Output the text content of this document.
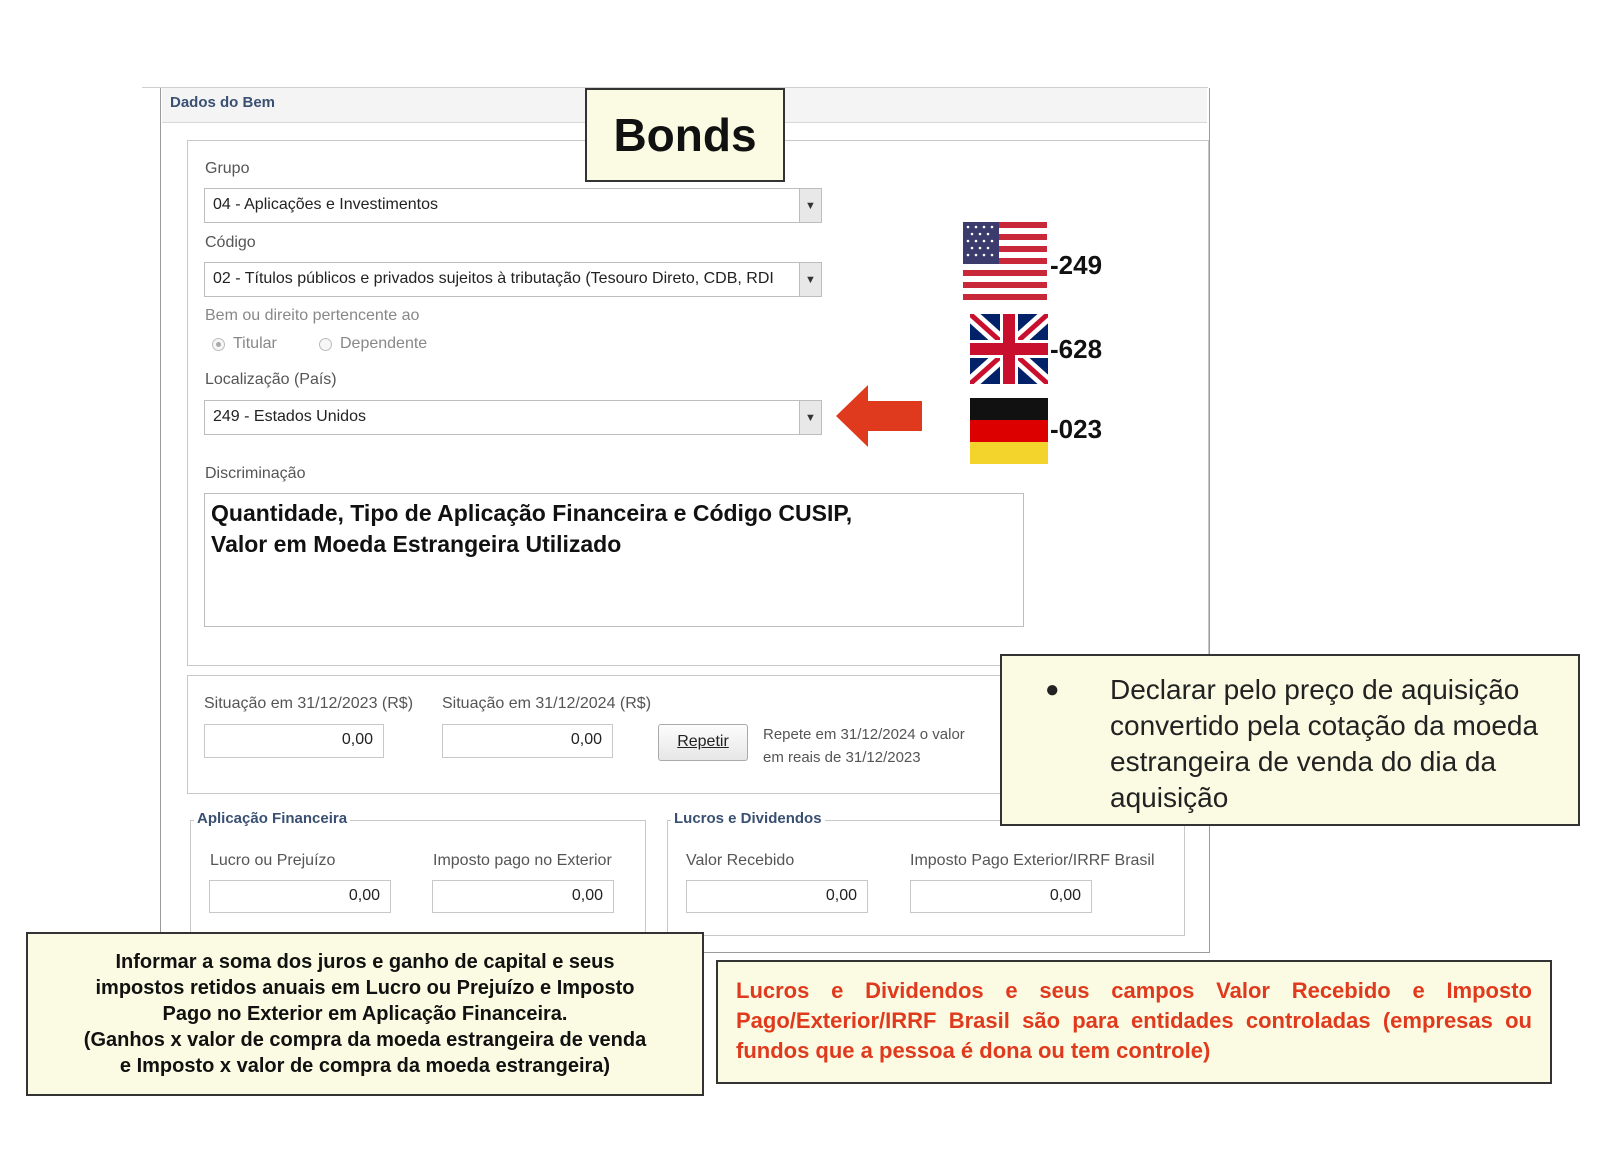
Dados do Bem
Grupo
04 - Aplicações e Investimentos	▼
Código
02 - Títulos públicos e privados sujeitos à tributação (Tesouro Direto, CDB, RDI	▼
Bem ou direito pertencente ao
Titular	Dependente
Localização (País)
249 - Estados Unidos	▼
Discriminação
Quantidade, Tipo de Aplicação Financeira e Código CUSIP,
Valor em Moeda Estrangeira Utilizado
Situação em 31/12/2023 (R$)
0,00
Situação em 31/12/2024 (R$)
0,00	Repetir	Repete em 31/12/2024 o valor
em reais de 31/12/2023
Aplicação Financeira
Lucro ou Prejuízo
0,00
Imposto pago no Exterior
0,00
Lucros e Dividendos
Valor Recebido
0,00
Imposto Pago Exterior/IRRF Brasil
0,00
Bonds
-249
-628
-023
● Declarar pelo preço de aquisição convertido pela cotação da moeda estrangeira de venda do dia da aquisição
Informar a soma dos juros e ganho de capital e seus
impostos retidos anuais em Lucro ou Prejuízo e Imposto
Pago no Exterior em Aplicação Financeira.
(Ganhos x valor de compra da moeda estrangeira de venda
e Imposto x valor de compra da moeda estrangeira)
Lucros e Dividendos e seus campos Valor Recebido e Imposto Pago/Exterior/IRRF Brasil são para entidades controladas (empresas ou fundos que a pessoa é dona ou tem controle)
